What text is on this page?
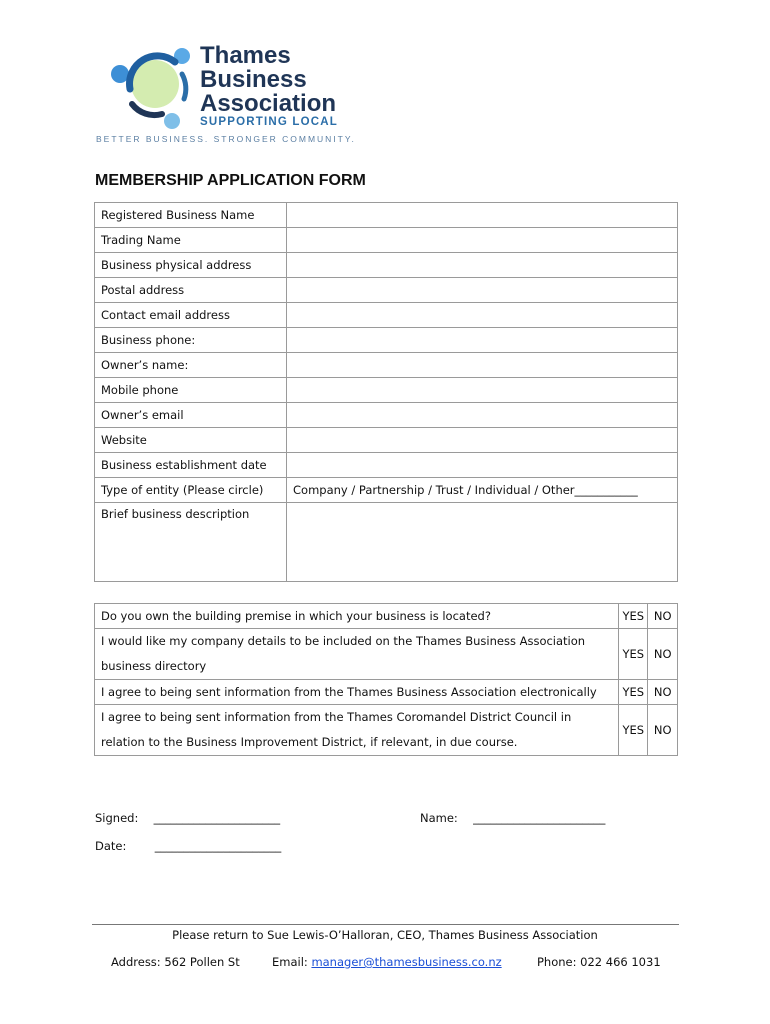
Thames
Business
Association
SUPPORTING LOCAL
BETTER BUSINESS. STRONGER COMMUNITY.
MEMBERSHIP APPLICATION FORM
Registered Business Name	
Trading Name	
Business physical address	
Postal address	
Contact email address	
Business phone:	
Owner’s name:	
Mobile phone	
Owner’s email	
Website	
Business establishment date	
Type of entity (Please circle)	Company / Partnership / Trust / Individual / Other___________
Brief business description	
Do you own the building premise in which your business is located?	YES	NO
I would like my company details to be included on the Thames Business Association business directory	YES	NO
I agree to being sent information from the Thames Business Association electronically	YES	NO
I agree to being sent information from the Thames Coromandel District Council in relation to the Business Improvement District, if relevant, in due course.	YES	NO
Signed: ______________________	Name: _______________________
Date: ______________________
Please return to Sue Lewis-O’Halloran, CEO, Thames Business Association
Address: 562 Pollen St	Email: manager@thamesbusiness.co.nz	Phone: 022 466 1031
